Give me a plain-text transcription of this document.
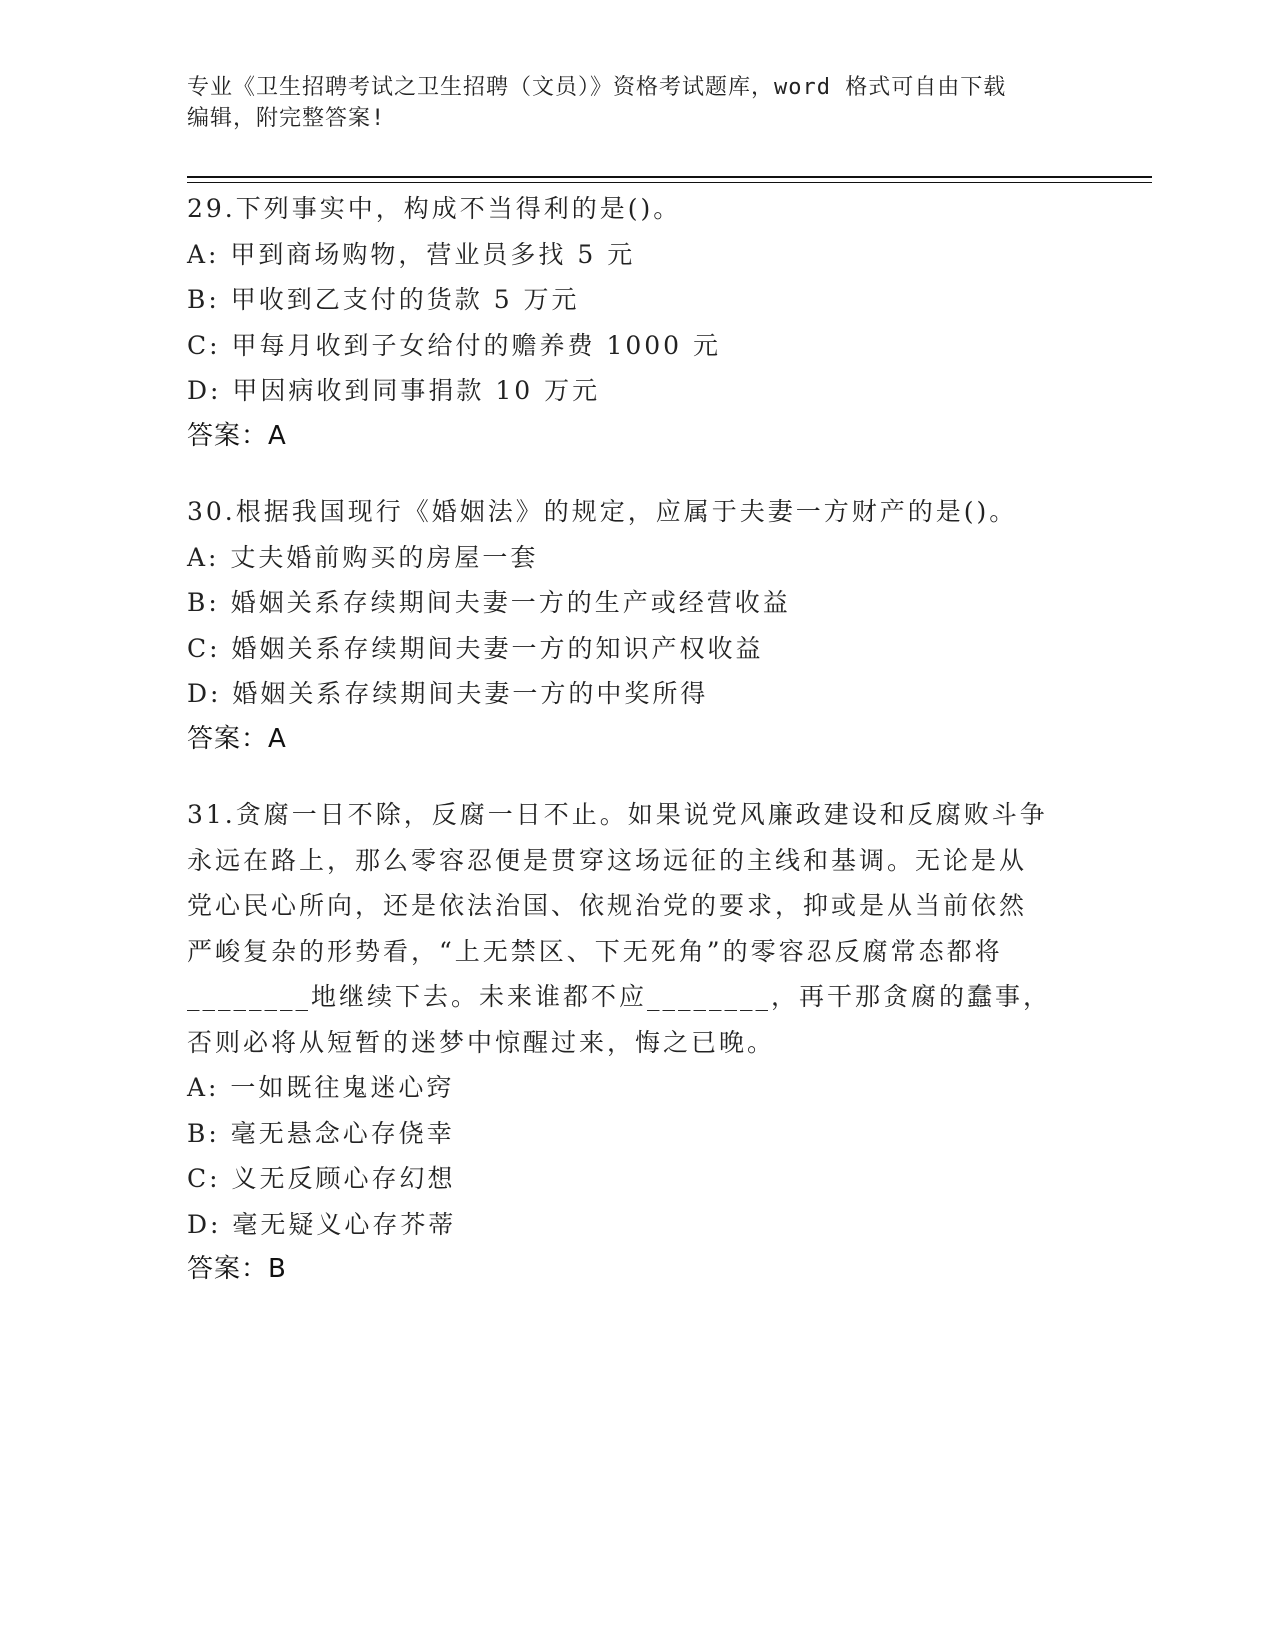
专业《卫生招聘考试之卫生招聘（文员）》资格考试题库，word 格式可自由下载
编辑，附完整答案!
29.下列事实中，构成不当得利的是()。
A: 甲到商场购物，营业员多找 5 元
B: 甲收到乙支付的货款 5 万元
C: 甲每月收到子女给付的赡养费 1000 元
D: 甲因病收到同事捐款 10 万元
答案：A
30.根据我国现行《婚姻法》的规定，应属于夫妻一方财产的是()。
A: 丈夫婚前购买的房屋一套
B: 婚姻关系存续期间夫妻一方的生产或经营收益
C: 婚姻关系存续期间夫妻一方的知识产权收益
D: 婚姻关系存续期间夫妻一方的中奖所得
答案：A
31.贪腐一日不除，反腐一日不止。如果说党风廉政建设和反腐败斗争
永远在路上，那么零容忍便是贯穿这场远征的主线和基调。无论是从
党心民心所向，还是依法治国、依规治党的要求，抑或是从当前依然
严峻复杂的形势看，“上无禁区、下无死角”的零容忍反腐常态都将
________地继续下去。未来谁都不应________，再干那贪腐的蠢事，
否则必将从短暂的迷梦中惊醒过来，悔之已晚。
A: 一如既往鬼迷心窍
B: 毫无悬念心存侥幸
C: 义无反顾心存幻想
D: 毫无疑义心存芥蒂
答案：B
